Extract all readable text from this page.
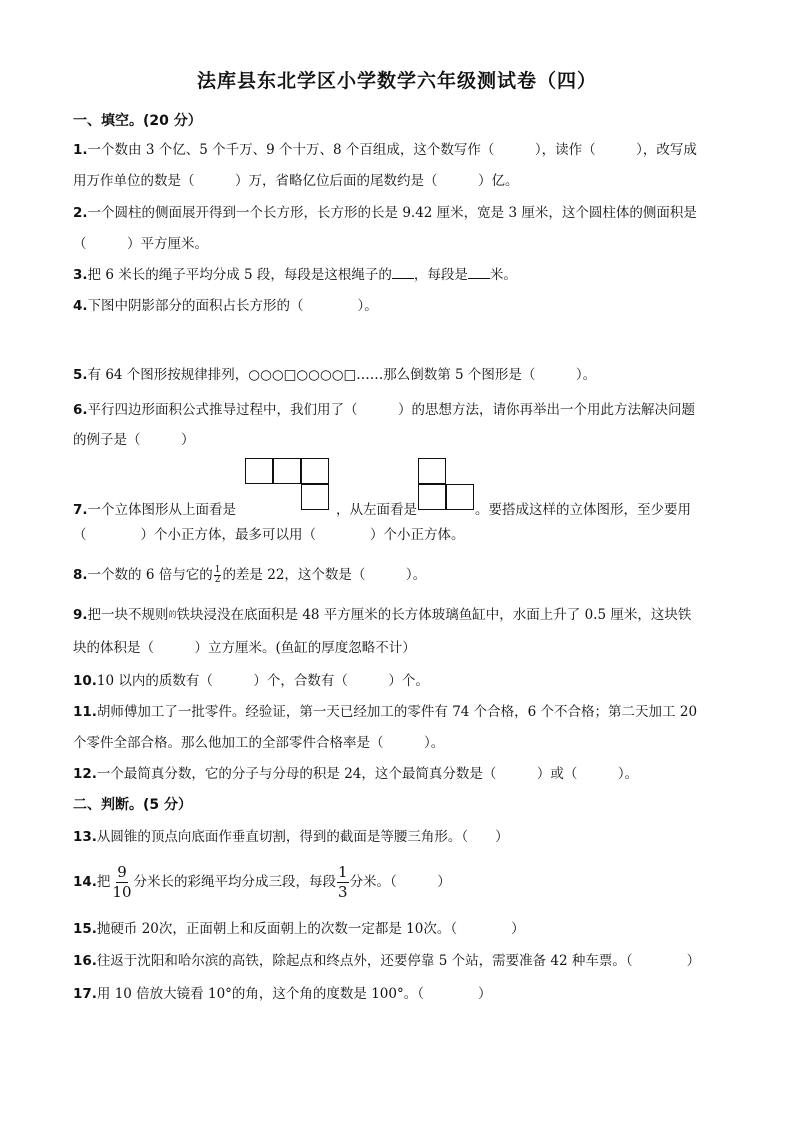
法库县东北学区小学数学六年级测试卷（四）
一、填空。(20 分）
1.一个数由 3 个亿、5 个千万、9 个十万、8 个百组成，这个数写作（　　　），读作（　　　），改写成
用万作单位的数是（　　　）万，省略亿位后面的尾数约是（　　　）亿。
2.一个圆柱的侧面展开得到一个长方形，长方形的长是 9.42 厘米，宽是 3 厘米，这个圆柱体的侧面积是
（　　　）平方厘米。
3.把 6 米长的绳子平均分成 5 段，每段是这根绳子的 ，每段是 米。
4.下图中阴影部分的面积占长方形的（　　　　）。
5.有 64 个图形按规律排列，○○○□○○○○□……那么倒数第 5 个图形是（　　　）。
6.平行四边形面积公式推导过程中，我们用了（　　　）的思想方法，请你再举出一个用此方法解决问题
的例子是（　　　）
7.一个立体图形从上面看是	，从左面看是	。要搭成这样的立体图形，至少要用
（　　　　）个小正方体，最多可以用（　　　　）个小正方体。
8.一个数的 6 倍与它的 $\frac{1}{2}$ 的差是 22，这个数是（　　　）。
9.把一块不规则$^的$铁块浸没在底面积是 48 平方厘米的长方体玻璃鱼缸中，水面上升了 0.5 厘米，这块铁
块的体积是（　　　）立方厘米。(鱼缸的厚度忽略不计）
10.10 以内的质数有（　　　）个，合数有（　　　）个。
11.胡师傅加工了一批零件。经验证，第一天已经加工的零件有 74 个合格，6 个不合格；第二天加工 20
个零件全部合格。那么他加工的全部零件合格率是（　　　）。
12.一个最简真分数，它的分子与分母的积是 24，这个最简真分数是（　　　）或（　　　）。
二、判断。(5 分）
13.从圆锥的顶点向底面作垂直切割，得到的截面是等腰三角形。（　　）
14.把 $\frac{9}{10}$ 分米长的彩绳平均分成三段，每段 $\frac{1}{3}$ 分米。（　　　）
15.抛硬币 20次，正面朝上和反面朝上的次数一定都是 10次。（　　　　）
16.往返于沈阳和哈尔滨的高铁，除起点和终点外，还要停靠 5 个站，需要准备 42 种车票。（　　　　）
17.用 10 倍放大镜看 10°的角，这个角的度数是 100°。（　　　　）
